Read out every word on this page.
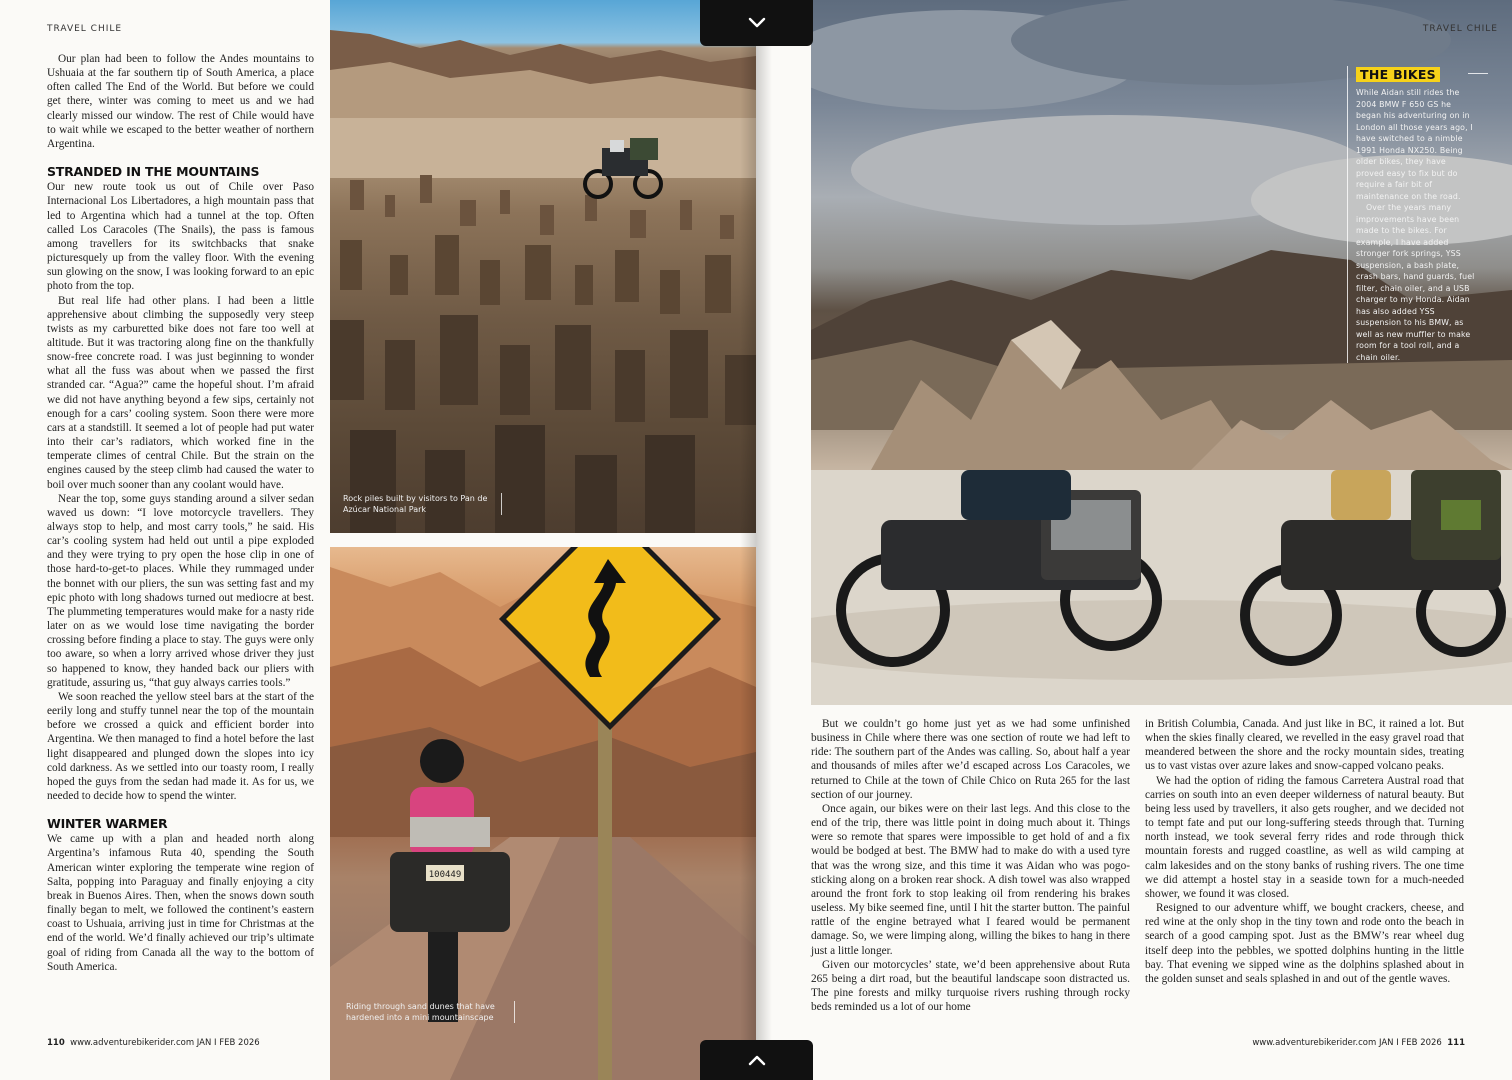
TRAVEL CHILE

Our plan had been to follow the Andes mountains to Ushuaia at the far southern tip of South America, a place often called The End of the World. But before we could get there, winter was coming to meet us and we had clearly missed our window. The rest of Chile would have to wait while we escaped to the better weather of northern Argentina.

STRANDED IN THE MOUNTAINS

Our new route took us out of Chile over Paso Internacional Los Libertadores, a high mountain pass that led to Argentina which had a tunnel at the top. Often called Los Caracoles (The Snails), the pass is famous among travellers for its switchbacks that snake picturesquely up from the valley floor. With the evening sun glowing on the snow, I was looking forward to an epic photo from the top.

But real life had other plans. I had been a little apprehensive about climbing the supposedly very steep twists as my carburetted bike does not fare too well at altitude. But it was tractoring along fine on the thankfully snow-free concrete road. I was just beginning to wonder what all the fuss was about when we passed the first stranded car. “Agua?” came the hopeful shout. I’m afraid we did not have anything beyond a few sips, certainly not enough for a cars’ cooling system. Soon there were more cars at a standstill. It seemed a lot of people had put water into their car’s radiators, which worked fine in the temperate climes of central Chile. But the strain on the engines caused by the steep climb had caused the water to boil over much sooner than any coolant would have.

Near the top, some guys standing around a silver sedan waved us down: “I love motorcycle travellers. They always stop to help, and most carry tools,” he said. His car’s cooling system had held out until a pipe exploded and they were trying to pry open the hose clip in one of those hard-to-get-to places. While they rummaged under the bonnet with our pliers, the sun was setting fast and my epic photo with long shadows turned out mediocre at best. The plummeting temperatures would make for a nasty ride later on as we would lose time navigating the border crossing before finding a place to stay. The guys were only too aware, so when a lorry arrived whose driver they just so happened to know, they handed back our pliers with gratitude, assuring us, “that guy always carries tools.”

We soon reached the yellow steel bars at the start of the eerily long and stuffy tunnel near the top of the mountain before we crossed a quick and efficient border into Argentina. We then managed to find a hotel before the last light disappeared and plunged down the slopes into icy cold darkness. As we settled into our toasty room, I really hoped the guys from the sedan had made it. As for us, we needed to decide how to spend the winter.

WINTER WARMER

We came up with a plan and headed north along Argentina’s infamous Ruta 40, spending the South American winter exploring the temperate wine region of Salta, popping into Paraguay and finally enjoying a city break in Buenos Aires. Then, when the snows down south finally began to melt, we followed the continent’s eastern coast to Ushuaia, arriving just in time for Christmas at the end of the world. We’d finally achieved our trip’s ultimate goal of riding from Canada all the way to the bottom of South America.

110 www.adventurebikerider.com JAN I FEB 2026
Rock piles built by visitors to Pan de Azúcar National Park
100449
Riding through sand dunes that have hardened into a mini mountainscape
TRAVEL CHILE
THE BIKES

While Aidan still rides the 2004 BMW F 650 GS he began his adventuring on in London all those years ago, I have switched to a nimble 1991 Honda NX250. Being older bikes, they have proved easy to fix but do require a fair bit of maintenance on the road.

Over the years many improvements have been made to the bikes. For example, I have added stronger fork springs, YSS suspension, a bash plate, crash bars, hand guards, fuel filter, chain oiler, and a USB charger to my Honda. Aidan has also added YSS suspension to his BMW, as well as new muffler to make room for a tool roll, and a chain oiler.

But we couldn’t go home just yet as we had some unfinished business in Chile where there was one section of route we had left to ride: The southern part of the Andes was calling. So, about half a year and thousands of miles after we’d escaped across Los Caracoles, we returned to Chile at the town of Chile Chico on Ruta 265 for the last section of our journey.

Once again, our bikes were on their last legs. And this close to the end of the trip, there was little point in doing much about it. Things were so remote that spares were impossible to get hold of and a fix would be bodged at best. The BMW had to make do with a used tyre that was the wrong size, and this time it was Aidan who was pogo-sticking along on a broken rear shock. A dish towel was also wrapped around the front fork to stop leaking oil from rendering his brakes useless. My bike seemed fine, until I hit the starter button. The painful rattle of the engine betrayed what I feared would be permanent damage. So, we were limping along, willing the bikes to hang in there just a little longer.

Given our motorcycles’ state, we’d been apprehensive about Ruta 265 being a dirt road, but the beautiful landscape soon distracted us. The pine forests and milky turquoise rivers rushing through rocky beds reminded us a lot of our home

in British Columbia, Canada. And just like in BC, it rained a lot. But when the skies finally cleared, we revelled in the easy gravel road that meandered between the shore and the rocky mountain sides, treating us to vast vistas over azure lakes and snow-capped volcano peaks.

We had the option of riding the famous Carretera Austral road that carries on south into an even deeper wilderness of natural beauty. But being less used by travellers, it also gets rougher, and we decided not to tempt fate and put our long-suffering steeds through that. Turning north instead, we took several ferry rides and rode through thick mountain forests and rugged coastline, as well as wild camping at calm lakesides and on the stony banks of rushing rivers. The one time we did attempt a hostel stay in a seaside town for a much-needed shower, we found it was closed.

Resigned to our adventure whiff, we bought crackers, cheese, and red wine at the only shop in the tiny town and rode onto the beach in search of a good camping spot. Just as the BMW’s rear wheel dug itself deep into the pebbles, we spotted dolphins hunting in the little bay. That evening we sipped wine as the dolphins splashed about in the golden sunset and seals splashed in and out of the gentle waves.

www.adventurebikerider.com JAN I FEB 2026 111
